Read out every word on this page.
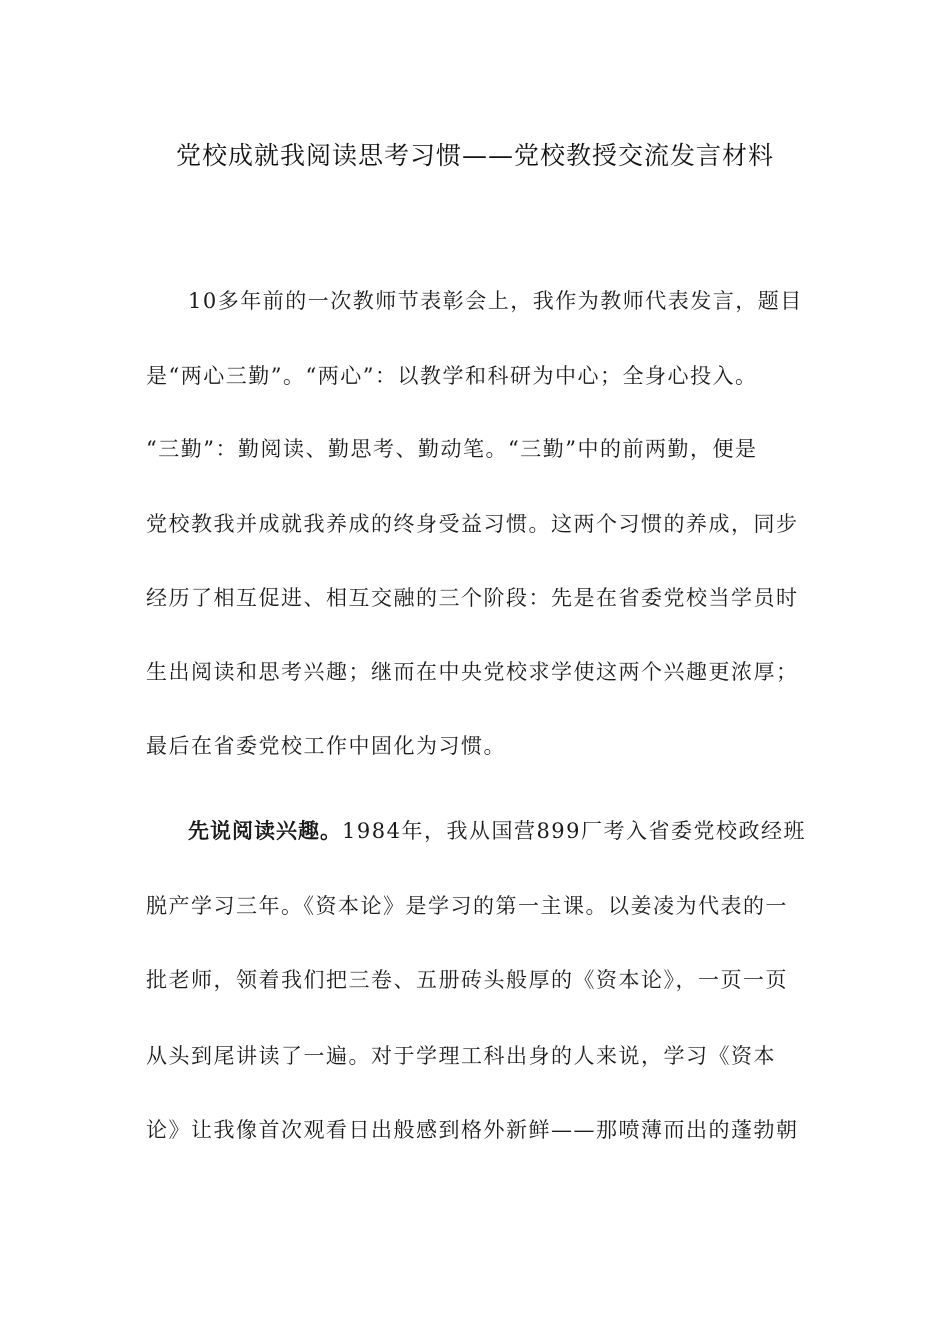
党校成就我阅读思考习惯——党校教授交流发言材料
10多年前的一次教师节表彰会上，我作为教师代表发言，题目
是“两心三勤”。“两心”：以教学和科研为中心；全身心投入。
“三勤”：勤阅读、勤思考、勤动笔。“三勤”中的前两勤，便是
党校教我并成就我养成的终身受益习惯。这两个习惯的养成，同步
经历了相互促进、相互交融的三个阶段：先是在省委党校当学员时
生出阅读和思考兴趣；继而在中央党校求学使这两个兴趣更浓厚；
最后在省委党校工作中固化为习惯。
先说阅读兴趣。1984年，我从国营899厂考入省委党校政经班
脱产学习三年。《资本论》是学习的第一主课。以姜凌为代表的一
批老师，领着我们把三卷、五册砖头般厚的《资本论》，一页一页
从头到尾讲读了一遍。对于学理工科出身的人来说，学习《资本
论》让我像首次观看日出般感到格外新鲜——那喷薄而出的蓬勃朝
